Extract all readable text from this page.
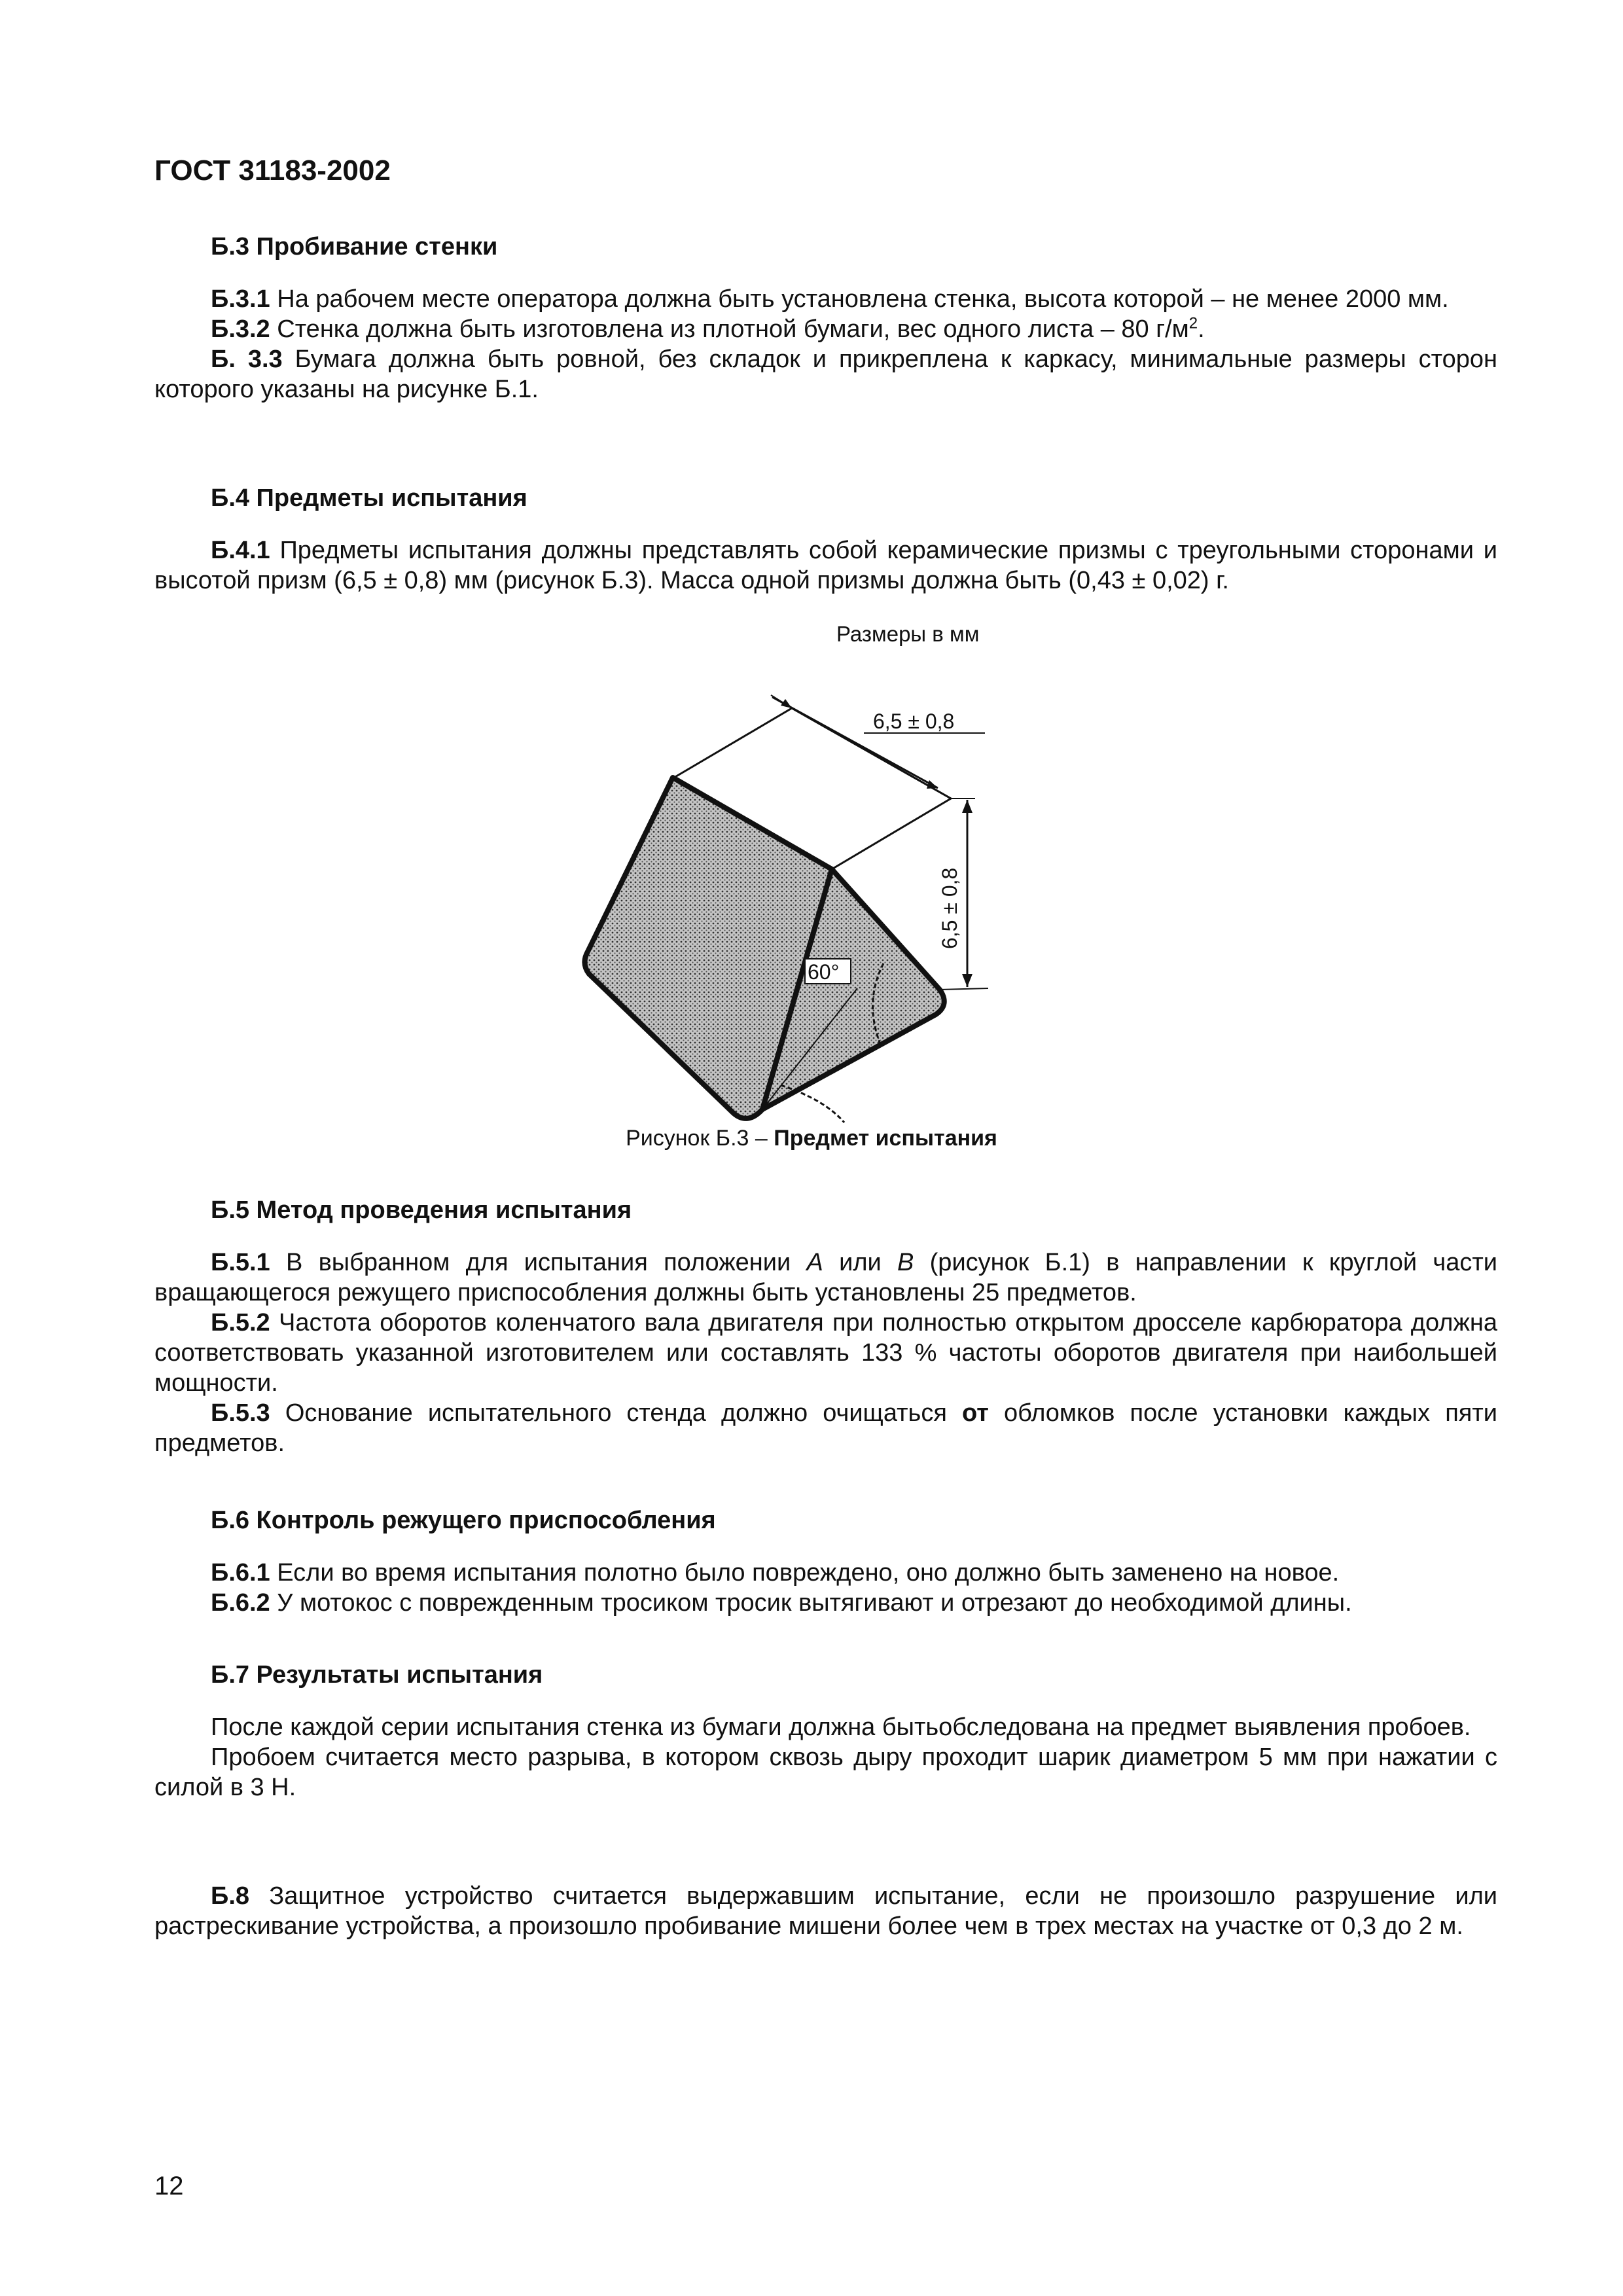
ГОСТ 31183-2002

Б.3 Пробивание стенки

Б.3.1 На рабочем месте оператора должна быть установлена стенка, высота которой – не менее 2000 мм.

Б.3.2 Стенка должна быть изготовлена из плотной бумаги, вес одного листа – 80 $г/м^2$.

Б. 3.3 Бумага должна быть ровной, без складок и прикреплена к каркасу, минимальные размеры сторон которого указаны на рисунке Б.1.

Б.4 Предметы испытания

Б.4.1 Предметы испытания должны представлять собой керамические призмы с треугольными сторонами и высотой призм (6,5 ± 0,8) мм (рисунок Б.3). Масса одной призмы должна быть (0,43 ± 0,02) г.

Размеры в мм
6,5 ± 0,8
6,5 ± 0,8
60°
Рисунок Б.3 – Предмет испытания

Б.5 Метод проведения испытания

Б.5.1 В выбранном для испытания положении А или В (рисунок Б.1) в направлении к круглой части вращающегося режущего приспособления должны быть установлены 25 предметов.

Б.5.2 Частота оборотов коленчатого вала двигателя при полностью открытом дросселе карбюратора должна соответствовать указанной изготовителем или составлять 133 % частоты оборотов двигателя при наибольшей мощности.

Б.5.3 Основание испытательного стенда должно очищаться от обломков после установки каждых пяти предметов.

Б.6 Контроль режущего приспособления

Б.6.1 Если во время испытания полотно было повреждено, оно должно быть заменено на новое.

Б.6.2 У мотокос с поврежденным тросиком тросик вытягивают и отрезают до необходимой длины.

Б.7 Результаты испытания

После каждой серии испытания стенка из бумаги должна бытьобследована на предмет выявления пробоев.

Пробоем считается место разрыва, в котором сквозь дыру проходит шарик диаметром 5 мм при нажатии с силой в 3 Н.

Б.8 Защитное устройство считается выдержавшим испытание, если не произошло разрушение или растрескивание устройства, а произошло пробивание мишени более чем в трех местах на участке от 0,3 до 2 м.

12
